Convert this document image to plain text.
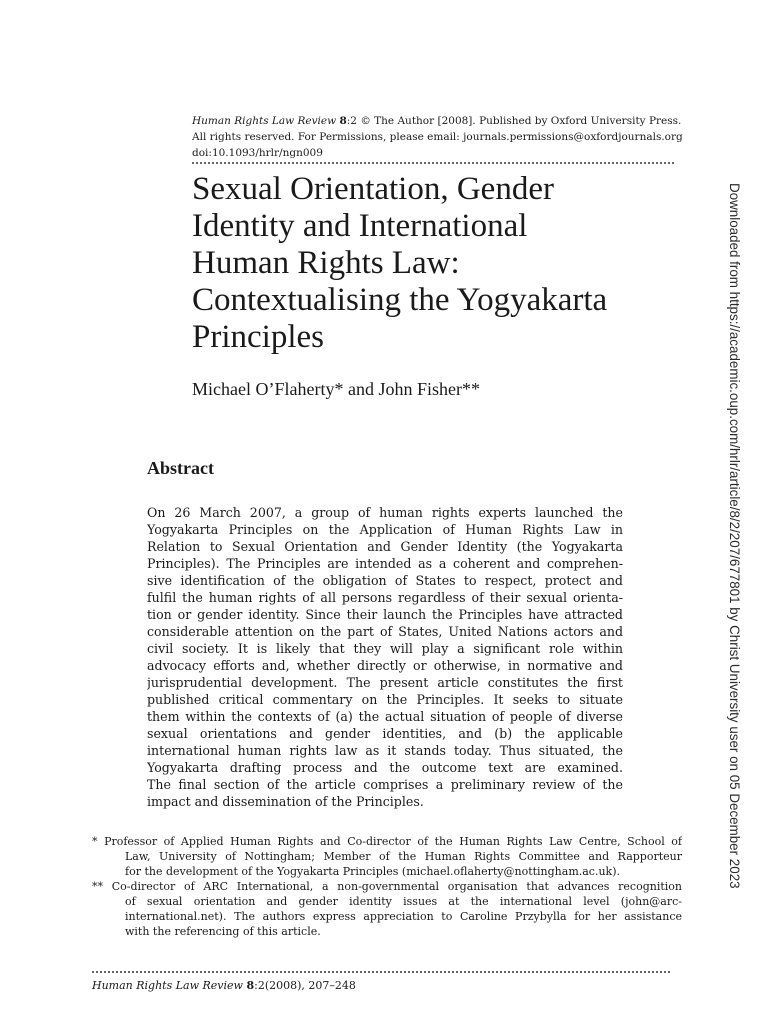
Human Rights Law Review 8:2 © The Author [2008]. Published by Oxford University Press.
All rights reserved. For Permissions, please email: journals.permissions@oxfordjournals.org
doi:10.1093/hrlr/ngn009
Sexual Orientation, Gender
Identity and International
Human Rights Law:
Contextualising the Yogyakarta
Principles
Michael O’Flaherty* and John Fisher**
Abstract
On 26 March 2007, a group of human rights experts launched the
Yogyakarta Principles on the Application of Human Rights Law in
Relation to Sexual Orientation and Gender Identity (the Yogyakarta
Principles). The Principles are intended as a coherent and comprehen-
sive identification of the obligation of States to respect, protect and
fulfil the human rights of all persons regardless of their sexual orienta-
tion or gender identity. Since their launch the Principles have attracted
considerable attention on the part of States, United Nations actors and
civil society. It is likely that they will play a significant role within
advocacy efforts and, whether directly or otherwise, in normative and
jurisprudential development. The present article constitutes the first
published critical commentary on the Principles. It seeks to situate
them within the contexts of (a) the actual situation of people of diverse
sexual orientations and gender identities, and (b) the applicable
international human rights law as it stands today. Thus situated, the
Yogyakarta drafting process and the outcome text are examined.
The final section of the article comprises a preliminary review of the
impact and dissemination of the Principles.
* Professor of Applied Human Rights and Co-director of the Human Rights Law Centre, School of
Law, University of Nottingham; Member of the Human Rights Committee and Rapporteur
for the development of the Yogyakarta Principles (michael.oflaherty@nottingham.ac.uk).
** Co-director of ARC International, a non-governmental organisation that advances recognition
of sexual orientation and gender identity issues at the international level (john@arc-
international.net). The authors express appreciation to Caroline Przybylla for her assistance
with the referencing of this article.
Human Rights Law Review 8:2(2008), 207–248
Downloaded from https://academic.oup.com/hrlr/article/8/2/207/677801 by Christ University user on 05 December 2023
